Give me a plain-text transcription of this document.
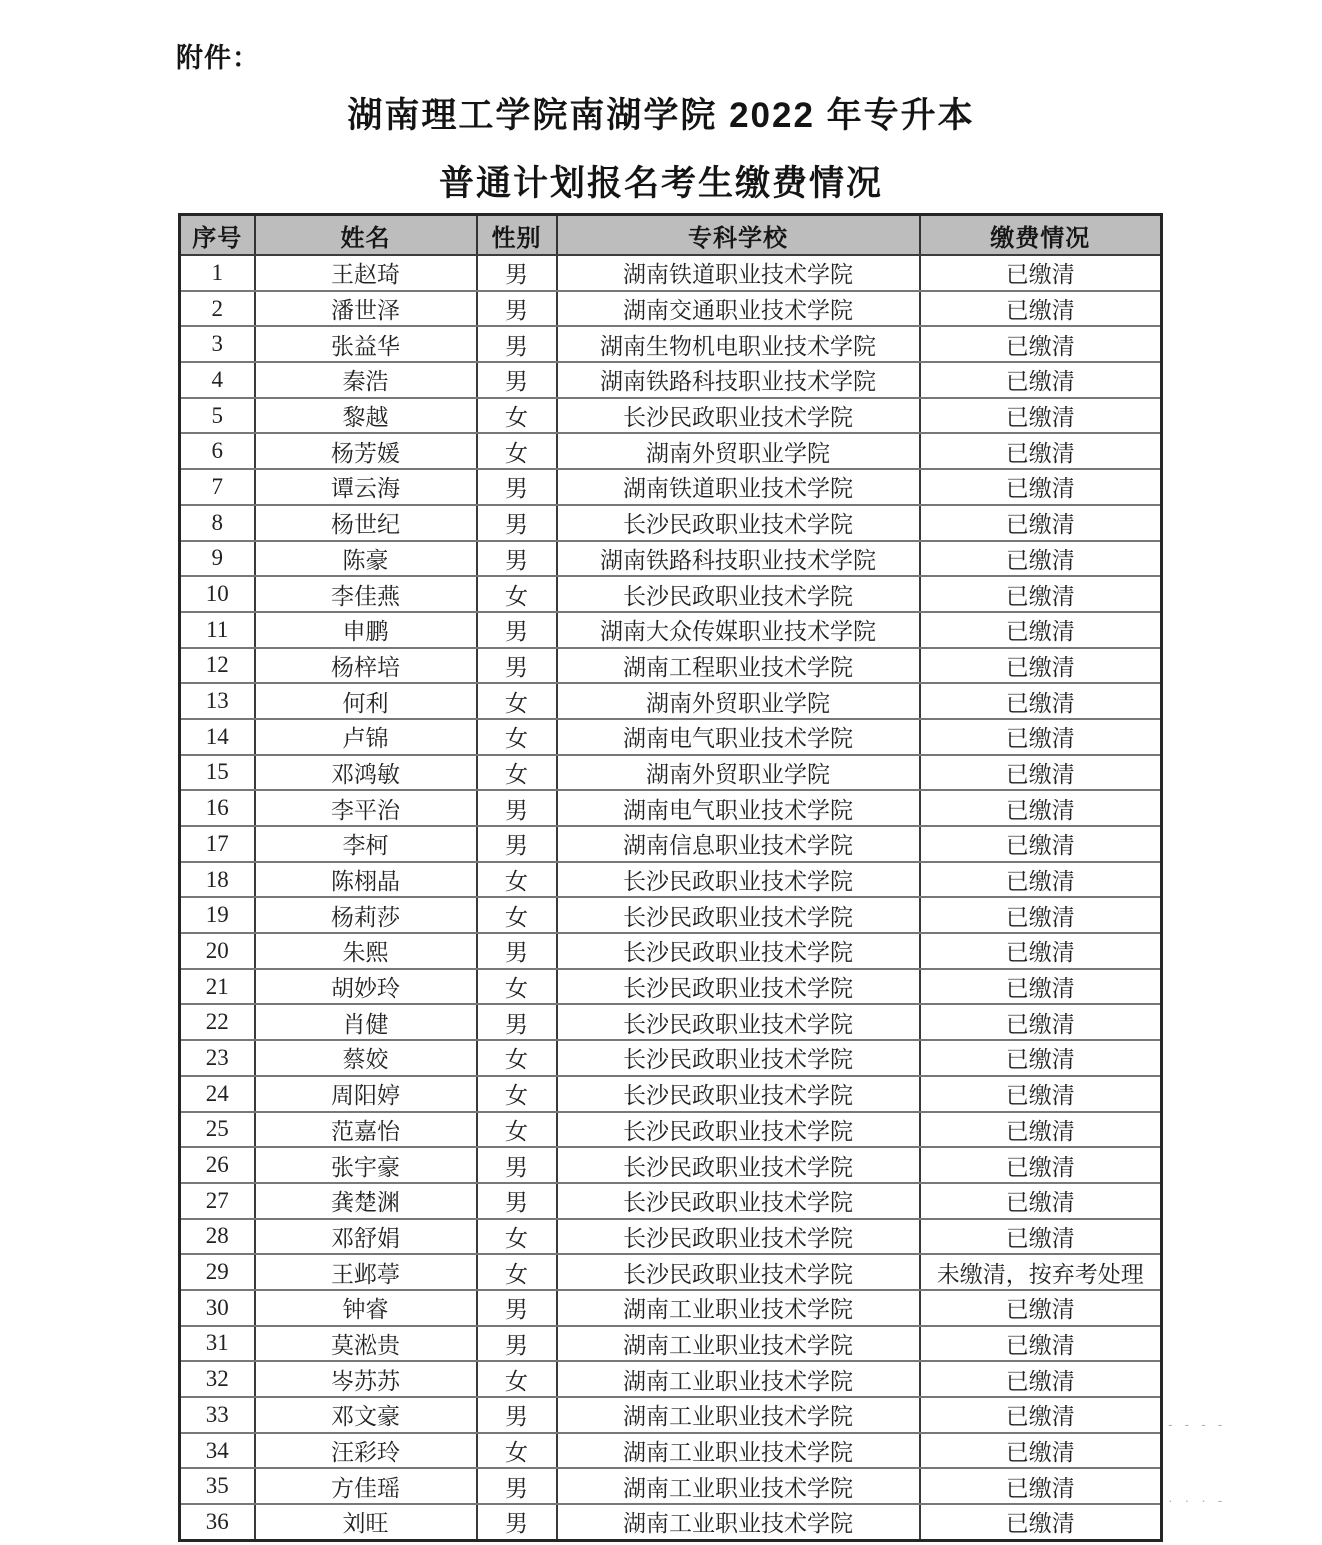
附件：
湖南理工学院南湖学院 2022 年专升本
普通计划报名考生缴费情况
序号	姓名	性别	专科学校	缴费情况
1	王赵琦	男	湖南铁道职业技术学院	已缴清
2	潘世泽	男	湖南交通职业技术学院	已缴清
3	张益华	男	湖南生物机电职业技术学院	已缴清
4	秦浩	男	湖南铁路科技职业技术学院	已缴清
5	黎越	女	长沙民政职业技术学院	已缴清
6	杨芳媛	女	湖南外贸职业学院	已缴清
7	谭云海	男	湖南铁道职业技术学院	已缴清
8	杨世纪	男	长沙民政职业技术学院	已缴清
9	陈豪	男	湖南铁路科技职业技术学院	已缴清
10	李佳燕	女	长沙民政职业技术学院	已缴清
11	申鹏	男	湖南大众传媒职业技术学院	已缴清
12	杨梓培	男	湖南工程职业技术学院	已缴清
13	何利	女	湖南外贸职业学院	已缴清
14	卢锦	女	湖南电气职业技术学院	已缴清
15	邓鸿敏	女	湖南外贸职业学院	已缴清
16	李平治	男	湖南电气职业技术学院	已缴清
17	李柯	男	湖南信息职业技术学院	已缴清
18	陈栩晶	女	长沙民政职业技术学院	已缴清
19	杨莉莎	女	长沙民政职业技术学院	已缴清
20	朱熙	男	长沙民政职业技术学院	已缴清
21	胡妙玲	女	长沙民政职业技术学院	已缴清
22	肖健	男	长沙民政职业技术学院	已缴清
23	蔡姣	女	长沙民政职业技术学院	已缴清
24	周阳婷	女	长沙民政职业技术学院	已缴清
25	范嘉怡	女	长沙民政职业技术学院	已缴清
26	张宇豪	男	长沙民政职业技术学院	已缴清
27	龚楚渊	男	长沙民政职业技术学院	已缴清
28	邓舒娟	女	长沙民政职业技术学院	已缴清
29	王邺葶	女	长沙民政职业技术学院	未缴清，按弃考处理
30	钟睿	男	湖南工业职业技术学院	已缴清
31	莫淞贵	男	湖南工业职业技术学院	已缴清
32	岑苏苏	女	湖南工业职业技术学院	已缴清
33	邓文豪	男	湖南工业职业技术学院	已缴清
34	汪彩玲	女	湖南工业职业技术学院	已缴清
35	方佳瑶	男	湖南工业职业技术学院	已缴清
36	刘旺	男	湖南工业职业技术学院	已缴清
- - - -
· · · -
